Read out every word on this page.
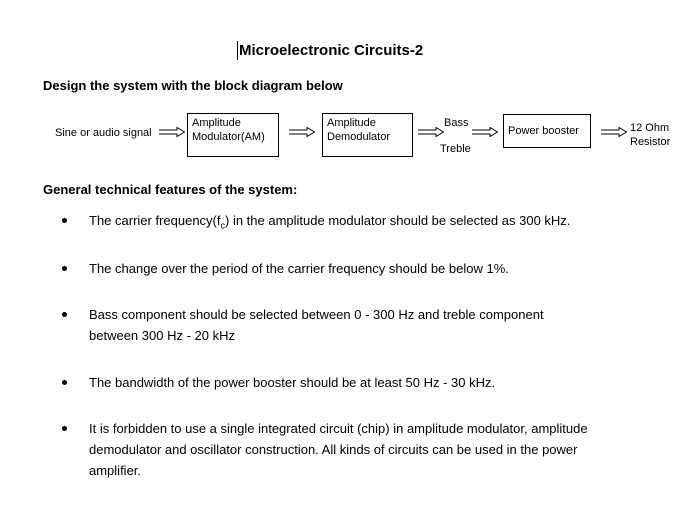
Microelectronic Circuits-2
Design the system with the block diagram below
Sine or audio signal
Amplitude
Modulator(AM)
Amplitude
Demodulator
Bass
Treble
Power booster	12 Ohm
Resistor
General technical features of the system:
The carrier $frequency(f_c)$ in the amplitude modulator should be selected as 300 kHz.
The change over the period of the carrier frequency should be below 1%.
Bass component should be selected between 0 - 300 Hz and treble component between 300 Hz - 20 kHz
The bandwidth of the power booster should be at least 50 Hz - 30 kHz.
It is forbidden to use a single integrated circuit (chip) in amplitude modulator, amplitude demodulator and oscillator construction. All kinds of circuits can be used in the power amplifier.
